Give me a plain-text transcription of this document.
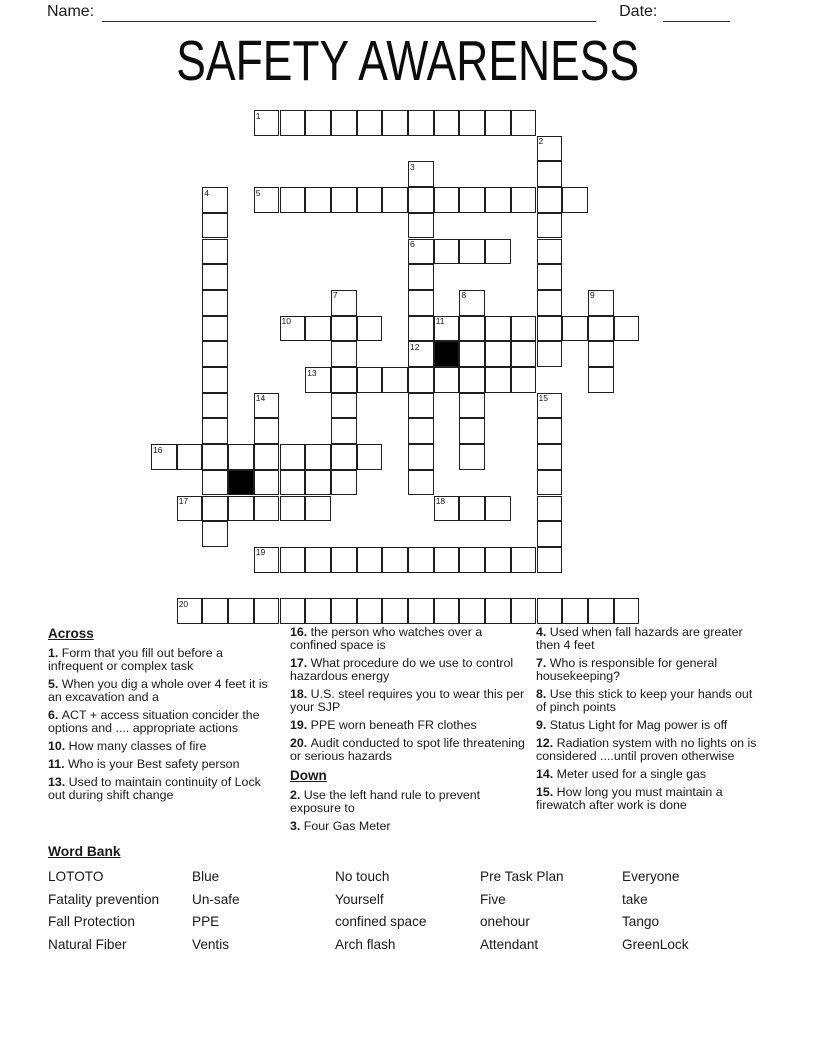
Name:	Date:
SAFETY AWARENESS
1
2
3
4	5
6
7	8	9
10	11
12
13
14	15
16
17	18
19
20
Across

1. Form that you fill out before a infrequent or complex task

5. When you dig a whole over 4 feet it is an excavation and a

6. ACT + access situation concider the options and .... appropriate actions

10. How many classes of fire

11. Who is your Best safety person

13. Used to maintain continuity of Lock out during shift change

16. the person who watches over a confined space is

17. What procedure do we use to control hazardous energy

18. U.S. steel requires you to wear this per your SJP

19. PPE worn beneath FR clothes

20. Audit conducted to spot life threatening or serious hazards

Down

2. Use the left hand rule to prevent exposure to

3. Four Gas Meter

4. Used when fall hazards are greater then 4 feet

7. Who is responsible for general housekeeping?

8. Use this stick to keep your hands out of pinch points

9. Status Light for Mag power is off

12. Radiation system with no lights on is considered ....until proven otherwise

14. Meter used for a single gas

15. How long you must maintain a firewatch after work is done

Word Bank
LOTOTO	Blue	No touch	Pre Task Plan	Everyone
Fatality prevention	Un-safe	Yourself	Five	take
Fall Protection	PPE	confined space	onehour	Tango
Natural Fiber	Ventis	Arch flash	Attendant	GreenLock
